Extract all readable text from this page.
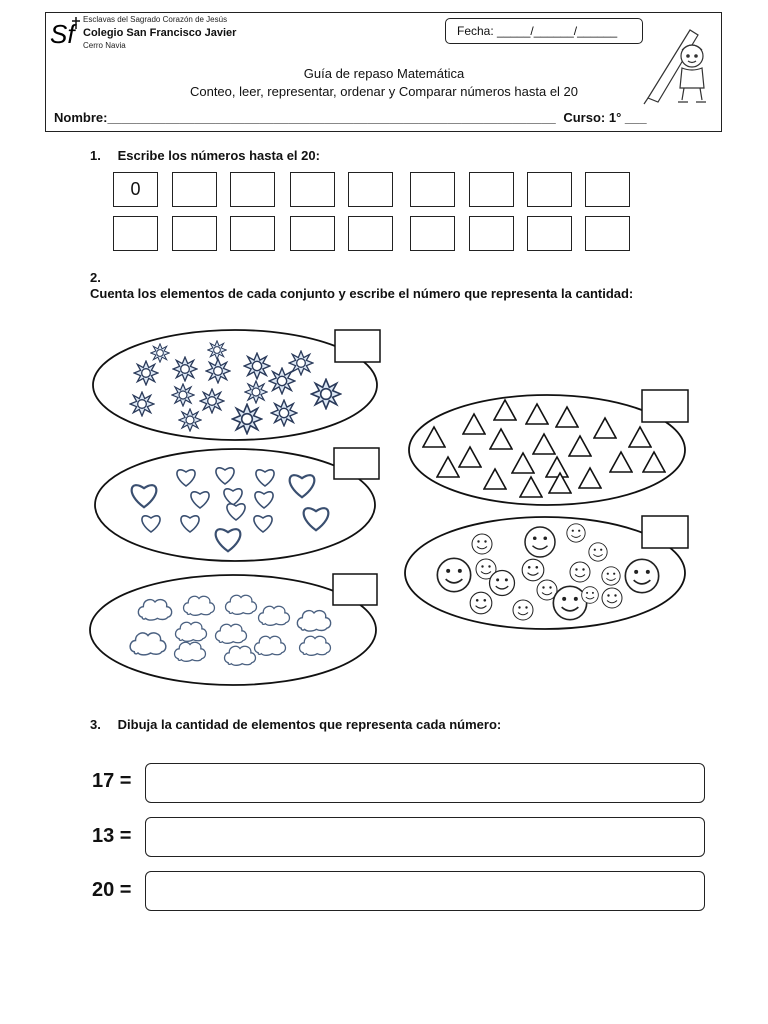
Sf	Esclavas del Sagrado Corazón de Jesús
Colegio San Francisco Javier
Cerro Navia
Fecha: _____/______/______
Guía de repaso Matemática
Conteo, leer, representar, ordenar y Comparar números hasta el 20
Nombre:______________________________________________________________ Curso: 1° ___
1. Escribe los números hasta el 20:
0
2. Cuenta los elementos de cada conjunto y escribe el número que representa la cantidad:
3. Dibuja la cantidad de elementos que representa cada número:
17 =
13 =
20 =
